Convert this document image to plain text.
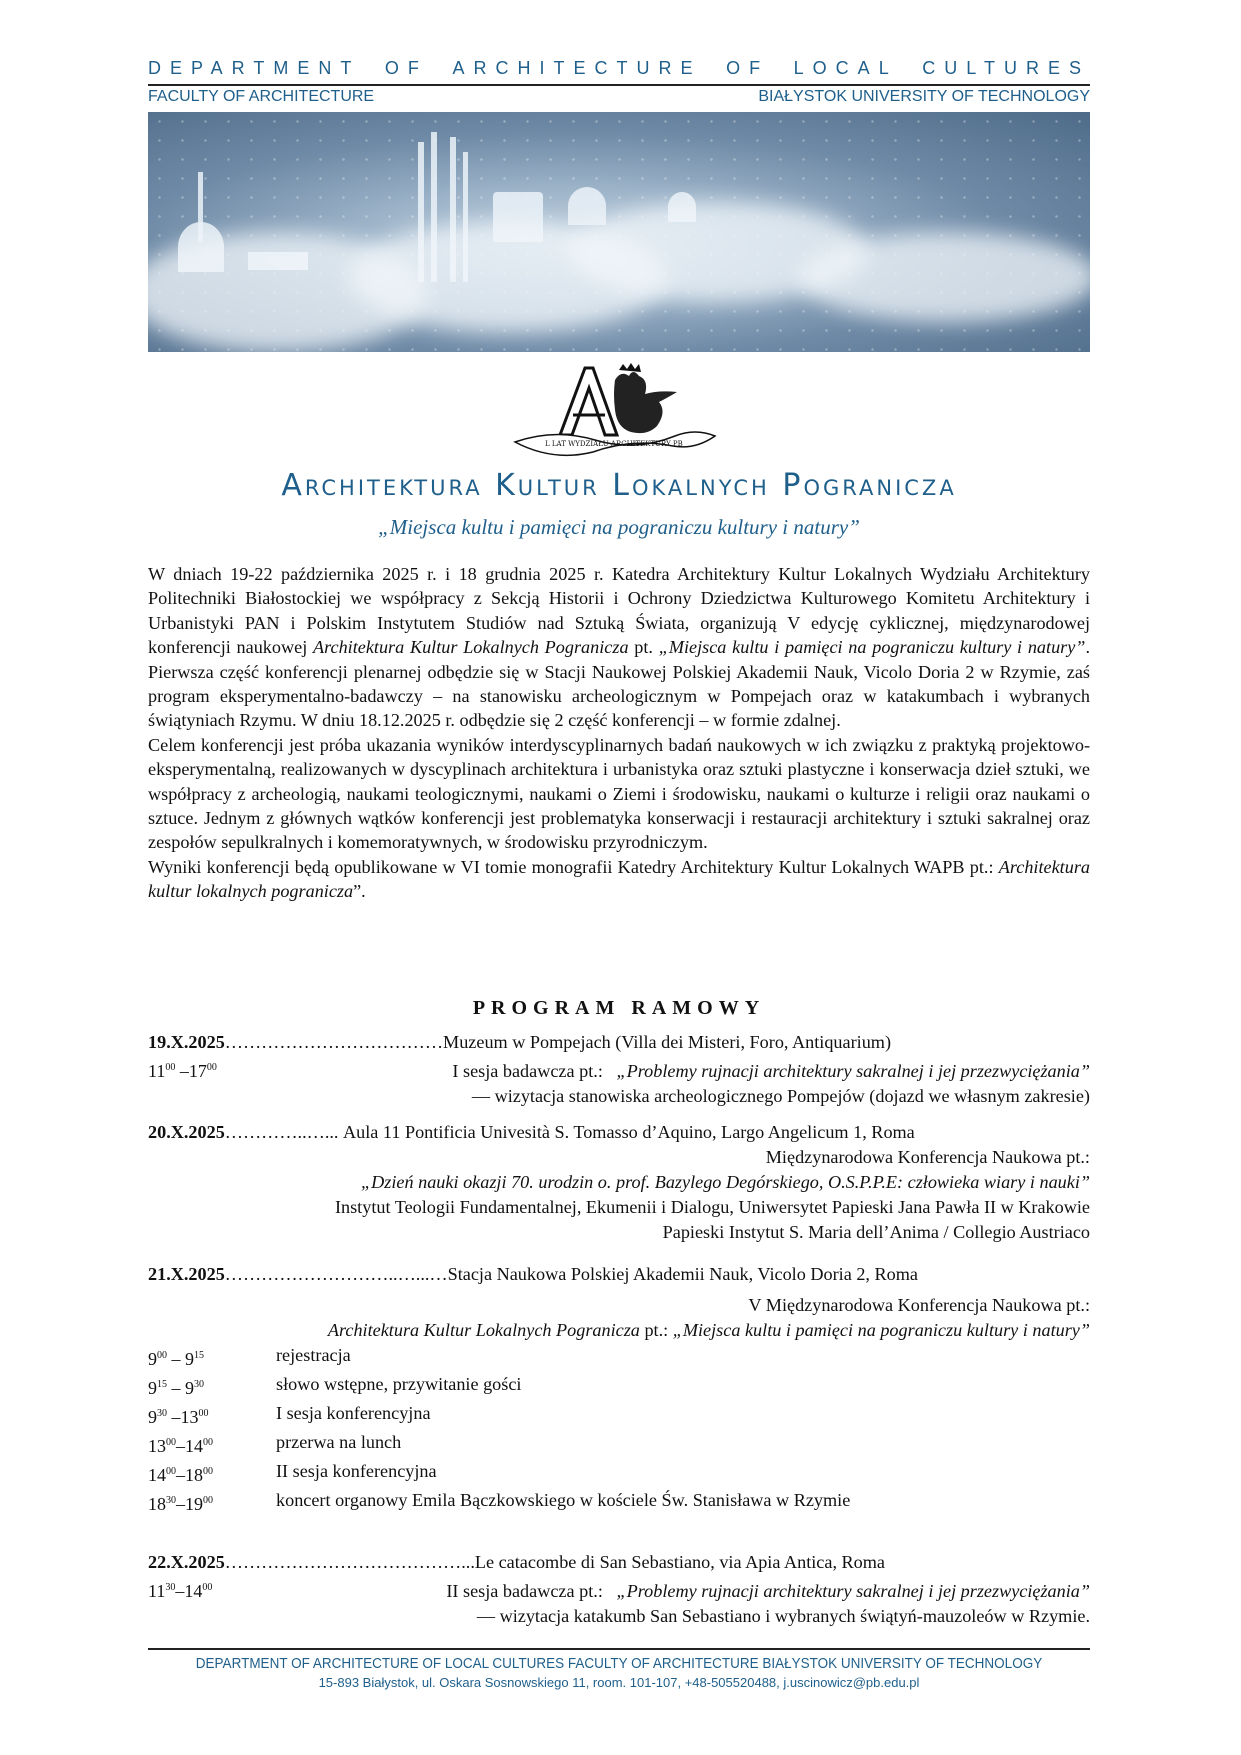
DEPARTMENT OF ARCHITECTURE OF LOCAL CULTURES
FACULTY OF ARCHITECTURE	BIAŁYSTOK UNIVERSITY OF TECHNOLOGY
L LAT WYDZIAŁU ARCHITEKTURY PB
Architektura Kultur Lokalnych Pogranicza
„Miejsca kultu i pamięci na pograniczu kultury i natury”

W dniach 19-22 października 2025 r. i 18 grudnia 2025 r. Katedra Architektury Kultur Lokalnych Wydziału Architektury Politechniki Białostockiej we współpracy z Sekcją Historii i Ochrony Dziedzictwa Kulturowego Komitetu Architektury i Urbanistyki PAN i Polskim Instytutem Studiów nad Sztuką Świata, organizują V edycję cyklicznej, międzynarodowej konferencji naukowej Architektura Kultur Lokalnych Pogranicza pt. „Miejsca kultu i pamięci na pograniczu kultury i natury”. Pierwsza część konferencji plenarnej odbędzie się w Stacji Naukowej Polskiej Akademii Nauk, Vicolo Doria 2 w Rzymie, zaś program eksperymentalno-badawczy – na stanowisku archeologicznym w Pompejach oraz w katakumbach i wybranych świątyniach Rzymu. W dniu 18.12.2025 r. odbędzie się 2 część konferencji – w formie zdalnej.

Celem konferencji jest próba ukazania wyników interdyscyplinarnych badań naukowych w ich związku z praktyką projektowo-eksperymentalną, realizowanych w dyscyplinach architektura i urbanistyka oraz sztuki plastyczne i konserwacja dzieł sztuki, we współpracy z archeologią, naukami teologicznymi, naukami o Ziemi i środowisku, naukami o kulturze i religii oraz naukami o sztuce. Jednym z głównych wątków konferencji jest problematyka konserwacji i restauracji architektury i sztuki sakralnej oraz zespołów sepulkralnych i komemoratywnych, w środowisku przyrodniczym.

Wyniki konferencji będą opublikowane w VI tomie monografii Katedry Architektury Kultur Lokalnych WAPB pt.: Architektura kultur lokalnych pogranicza”.

PROGRAM RAMOWY
19.X.2025 ……………………………… Muzeum w Pompejach (Villa dei Misteri, Foro, Antiquarium)
$11^{00}$ $-17^{00}$	I sesja badawcza pt.: „Problemy rujnacji architektury sakralnej i jej przezwyciężania”
— wizytacja stanowiska archeologicznego Pompejów (dojazd we własnym zakresie)
20.X.2025 …………..…... Aula 11 Pontificia Univesità S. Tomasso d’Aquino, Largo Angelicum 1, Roma
Międzynarodowa Konferencja Naukowa pt.:
„Dzień nauki okazji 70. urodzin o. prof. Bazylego Degórskiego, O.S.P.P.E: człowieka wiary i nauki”
Instytut Teologii Fundamentalnej, Ekumenii i Dialogu, Uniwersytet Papieski Jana Pawła II w Krakowie
Papieski Instytut S. Maria dell’Anima / Collegio Austriaco
21.X.2025 ………………………..…...… Stacja Naukowa Polskiej Akademii Nauk, Vicolo Doria 2, Roma
V Międzynarodowa Konferencja Naukowa pt.:
Architektura Kultur Lokalnych Pogranicza pt.: „Miejsca kultu i pamięci na pograniczu kultury i natury”
$9^{00} - 9^{15}$	rejestracja
$9^{15} - 9^{30}$	słowo wstępne, przywitanie gości
$9^{30}$ $-13^{00}$	I sesja konferencyjna
$13^{00}-14^{00}$	przerwa na lunch
$14^{00}-18^{00}$	II sesja konferencyjna
$18^{30}-19^{00}$	koncert organowy Emila Bączkowskiego w kościele Św. Stanisława w Rzymie
22.X.2025 …………………………………... Le catacombe di San Sebastiano, via Apia Antica, Roma
$11^{30}-14^{00}$	II sesja badawcza pt.: „Problemy rujnacji architektury sakralnej i jej przezwyciężania”
— wizytacja katakumb San Sebastiano i wybranych świątyń-mauzoleów w Rzymie.
DEPARTMENT OF ARCHITECTURE OF LOCAL CULTURES FACULTY OF ARCHITECTURE BIAŁYSTOK UNIVERSITY OF TECHNOLOGY
15-893 Białystok, ul. Oskara Sosnowskiego 11, room. 101-107, +48-505520488, j.uscinowicz@pb.edu.pl
